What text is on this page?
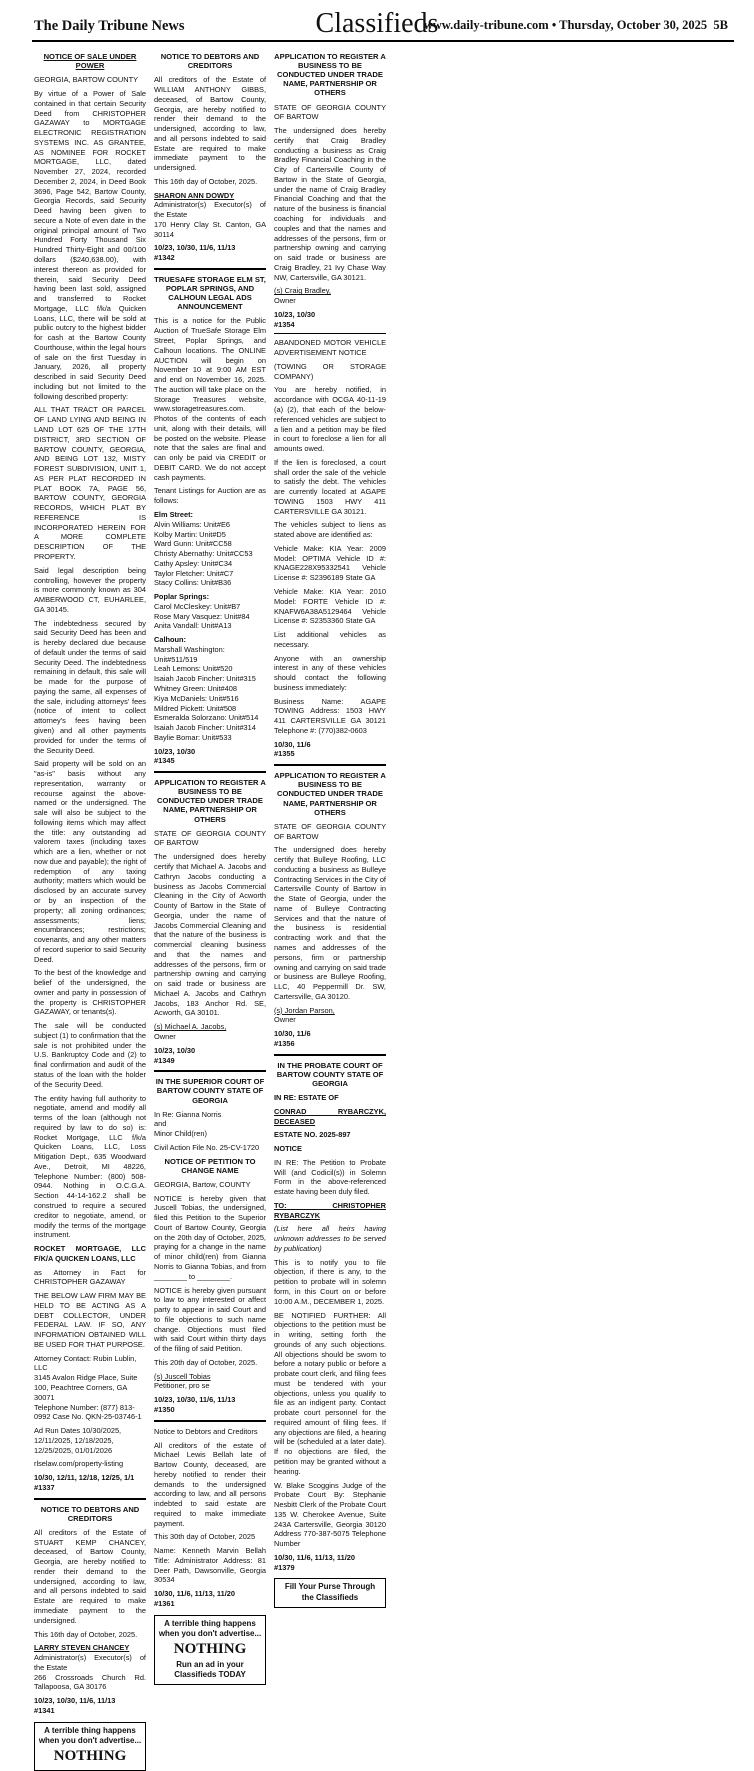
The Daily Tribune News	Classifieds
www.daily-tribune.com • Thursday, October 30, 2025 5B
NOTICE OF SALE UNDER POWER

GEORGIA, BARTOW COUNTY

By virtue of a Power of Sale contained in that certain Security Deed from CHRISTOPHER GAZAWAY to MORTGAGE ELECTRONIC REGISTRATION SYSTEMS INC. AS GRANTEE, AS NOMINEE FOR ROCKET MORTGAGE, LLC, dated November 27, 2024, recorded December 2, 2024, in Deed Book 3696, Page 542, Bartow County, Georgia Records, said Security Deed having been given to secure a Note of even date in the original principal amount of Two Hundred Forty Thousand Six Hundred Thirty-Eight and 00/100 dollars ($240,638.00), with interest thereon as provided for therein, said Security Deed having been last sold, assigned and transferred to Rocket Mortgage, LLC f/k/a Quicken Loans, LLC, there will be sold at public outcry to the highest bidder for cash at the Bartow County Courthouse, within the legal hours of sale on the first Tuesday in January, 2026, all property described in said Security Deed including but not limited to the following described property:

ALL THAT TRACT OR PARCEL OF LAND LYING AND BEING IN LAND LOT 625 OF THE 17TH DISTRICT, 3RD SECTION OF BARTOW COUNTY, GEORGIA, AND BEING LOT 132, MISTY FOREST SUBDIVISION, UNIT 1, AS PER PLAT RECORDED IN PLAT BOOK 7A, PAGE 56, BARTOW COUNTY, GEORGIA RECORDS, WHICH PLAT BY REFERENCE IS INCORPORATED HEREIN FOR A MORE COMPLETE DESCRIPTION OF THE PROPERTY.

Said legal description being controlling, however the property is more commonly known as 304 AMBERWOOD CT, EUHARLEE, GA 30145.

The indebtedness secured by said Security Deed has been and is hereby declared due because of default under the terms of said Security Deed. The indebtedness remaining in default, this sale will be made for the purpose of paying the same, all expenses of the sale, including attorneys' fees (notice of intent to collect attorney's fees having been given) and all other payments provided for under the terms of the Security Deed.

Said property will be sold on an "as-is" basis without any representation, warranty or recourse against the above-named or the undersigned. The sale will also be subject to the following items which may affect the title: any outstanding ad valorem taxes (including taxes which are a lien, whether or not now due and payable); the right of redemption of any taxing authority; matters which would be disclosed by an accurate survey or by an inspection of the property; all zoning ordinances; assessments; liens; encumbrances; restrictions; covenants, and any other matters of record superior to said Security Deed.

To the best of the knowledge and belief of the undersigned, the owner and party in possession of the property is CHRISTOPHER GAZAWAY, or tenants(s).

The sale will be conducted subject (1) to confirmation that the sale is not prohibited under the U.S. Bankruptcy Code and (2) to final confirmation and audit of the status of the loan with the holder of the Security Deed.

The entity having full authority to negotiate, amend and modify all terms of the loan (although not required by law to do so) is: Rocket Mortgage, LLC f/k/a Quicken Loans, LLC, Loss Mitigation Dept., 635 Woodward Ave., Detroit, MI 48226, Telephone Number: (800) 508-0944. Nothing in O.C.G.A. Section 44-14-162.2 shall be construed to require a secured creditor to negotiate, amend, or modify the terms of the mortgage instrument.

ROCKET MORTGAGE, LLC F/K/A QUICKEN LOANS, LLC

as Attorney in Fact for CHRISTOPHER GAZAWAY

THE BELOW LAW FIRM MAY BE HELD TO BE ACTING AS A DEBT COLLECTOR, UNDER FEDERAL LAW. IF SO, ANY INFORMATION OBTAINED WILL BE USED FOR THAT PURPOSE.

Attorney Contact: Rubin Lublin, LLC

3145 Avalon Ridge Place, Suite 100, Peachtree Corners, GA 30071

Telephone Number: (877) 813-0992 Case No. QKN-25-03746-1

Ad Run Dates 10/30/2025, 12/11/2025, 12/18/2025, 12/25/2025, 01/01/2026

rlselaw.com/property-listing

10/30, 12/11, 12/18, 12/25, 1/1

#1337

NOTICE TO DEBTORS AND CREDITORS

All creditors of the Estate of STUART KEMP CHANCEY, deceased, of Bartow County, Georgia, are hereby notified to render their demand to the undersigned, according to law, and all persons indebted to said Estate are required to make immediate payment to the undersigned.

This 16th day of October, 2025.

LARRY STEVEN CHANCEY

Administrator(s) Executor(s) of the Estate

266 Crossroads Church Rd. Tallapoosa, GA 30176

10/23, 10/30, 11/6, 11/13

#1341

A terrible thing happens when you don't advertise... NOTHING
NOTICE TO DEBTORS AND CREDITORS

All creditors of the Estate of WILLIAM ANTHONY GIBBS, deceased, of Bartow County, Georgia, are hereby notified to render their demand to the undersigned, according to law, and all persons indebted to said Estate are required to make immediate payment to the undersigned.

This 16th day of October, 2025.

SHARON ANN DOWDY

Administrator(s) Executor(s) of the Estate

170 Henry Clay St. Canton, GA 30114

10/23, 10/30, 11/6, 11/13

#1342

TRUESAFE STORAGE ELM ST, POPLAR SPRINGS, AND CALHOUN LEGAL ADS ANNOUNCEMENT

This is a notice for the Public Auction of TrueSafe Storage Elm Street, Poplar Springs, and Calhoun locations. The ONLINE AUCTION will begin on November 10 at 9:00 AM EST and end on November 16, 2025. The auction will take place on the Storage Treasures website, www.storagetreasures.com. Photos of the contents of each unit, along with their details, will be posted on the website. Please note that the sales are final and can only be paid via CREDIT or DEBIT CARD. We do not accept cash payments.

Tenant Listings for Auction are as follows:

Elm Street:

Alvin Williams: Unit#E6
Kolby Martin: Unit#D5
Ward Gunn: Unit#CC58
Christy Abernathy: Unit#CC53
Cathy Apsley: Unit#C34
Taylor Fletcher: Unit#C7
Stacy Collins: Unit#B36

Poplar Springs:

Carol McCleskey: Unit#B7
Rose Mary Vasquez: Unit#84
Anita Vandall: Unit#A13

Calhoun:

Marshall Washington: Unit#511/519
Leah Lemons: Unit#520
Isaiah Jacob Fincher: Unit#315
Whitney Green: Unit#408
Kiya McDaniels: Unit#516
Mildred Pickett: Unit#508
Esmeralda Solorzano: Unit#514
Isaiah Jacob Fincher: Unit#314
Baylie Bomar: Unit#533

10/23, 10/30

#1345

APPLICATION TO REGISTER A BUSINESS TO BE CONDUCTED UNDER TRADE NAME, PARTNERSHIP OR OTHERS

STATE OF GEORGIA COUNTY OF BARTOW

The undersigned does hereby certify that Michael A. Jacobs and Cathryn Jacobs conducting a business as Jacobs Commercial Cleaning in the City of Acworth County of Bartow in the State of Georgia, under the name of Jacobs Commercial Cleaning and that the nature of the business is commercial cleaning business and that the names and addresses of the persons, firm or partnership owning and carrying on said trade or business are Michael A. Jacobs and Cathryn Jacobs, 183 Anchor Rd. SE, Acworth, GA 30101.

(s) Michael A. Jacobs,

Owner

10/23, 10/30

#1349

IN THE SUPERIOR COURT OF BARTOW COUNTY STATE OF GEORGIA

In Re: Gianna Norris

and

Minor Child(ren)

Civil Action File No. 25-CV-1720

NOTICE OF PETITION TO CHANGE NAME

GEORGIA, Bartow, COUNTY

NOTICE is hereby given that Juscell Tobias, the undersigned, filed this Petition to the Superior Court of Bartow County, Georgia on the 20th day of October, 2025, praying for a change in the name of minor child(ren) from Gianna Norris to Gianna Tobias, and from ________ to ________.

NOTICE is hereby given pursuant to law to any interested or affect party to appear in said Court and to file objections to such name change. Objections must filed with said Court within thirty days of the filing of said Petition.

This 20th day of October, 2025.

(s) Juscell Tobias

Petitioner, pro se

10/23, 10/30, 11/6, 11/13

#1350

Notice to Debtors and Creditors

All creditors of the estate of Michael Lewis Bellah late of Bartow County, deceased, are hereby notified to render their demands to the undersigned according to law, and all persons indebted to said estate are required to make immediate payment.

This 30th day of October, 2025

Name: Kenneth Marvin Bellah Title: Administrator Address: 81 Deer Path, Dawsonville, Georgia 30534

10/30, 11/6, 11/13, 11/20

#1361

A terrible thing happens when you don't advertise... NOTHING
Run an ad in your Classifieds TODAY
APPLICATION TO REGISTER A BUSINESS TO BE CONDUCTED UNDER TRADE NAME, PARTNERSHIP OR OTHERS

STATE OF GEORGIA COUNTY OF BARTOW

The undersigned does hereby certify that Craig Bradley conducting a business as Craig Bradley Financial Coaching in the City of Cartersville County of Bartow in the State of Georgia, under the name of Craig Bradley Financial Coaching and that the nature of the business is financial coaching for individuals and couples and that the names and addresses of the persons, firm or partnership owning and carrying on said trade or business are Craig Bradley, 21 Ivy Chase Way NW, Cartersville, GA 30121.

(s) Craig Bradley,

Owner

10/23, 10/30

#1354

ABANDONED MOTOR VEHICLE ADVERTISEMENT NOTICE

(TOWING OR STORAGE COMPANY)

You are hereby notified, in accordance with OCGA 40-11-19 (a) (2), that each of the below-referenced vehicles are subject to a lien and a petition may be filed in court to foreclose a lien for all amounts owed.

If the lien is foreclosed, a court shall order the sale of the vehicle to satisfy the debt. The vehicles are currently located at AGAPE TOWING 1503 HWY 411 CARTERSVILLE GA 30121.

The vehicles subject to liens as stated above are identified as:

Vehicle Make: KIA Year: 2009 Model: OPTIMA Vehicle ID #: KNAGE228X95332541 Vehicle License #: S2396189 State GA

Vehicle Make: KIA Year: 2010 Model: FORTE Vehicle ID #: KNAFW6A38A5129464 Vehicle License #: S2353360 State GA

List additional vehicles as necessary.

Anyone with an ownership interest in any of these vehicles should contact the following business immediately:

Business Name: AGAPE TOWING Address: 1503 HWY 411 CARTERSVILLE GA 30121 Telephone #: (770)382-0603

10/30, 11/6

#1355

APPLICATION TO REGISTER A BUSINESS TO BE CONDUCTED UNDER TRADE NAME, PARTNERSHIP OR OTHERS

STATE OF GEORGIA COUNTY OF BARTOW

The undersigned does hereby certify that Bulleye Roofing, LLC conducting a business as Bulleye Contracting Services in the City of Cartersville County of Bartow in the State of Georgia, under the name of Bulleye Contracting Services and that the nature of the business is residential contracting work and that the names and addresses of the persons, firm or partnership owning and carrying on said trade or business are Bulleye Roofing, LLC, 40 Peppermill Dr. SW, Cartersville, GA 30120.

(s) Jordan Parson,

Owner

10/30, 11/6

#1356

IN THE PROBATE COURT OF BARTOW COUNTY STATE OF GEORGIA

IN RE: ESTATE OF

CONRAD RYBARCZYK, DECEASED

ESTATE NO. 2025-897

NOTICE

IN RE: The Petition to Probate Will (and Codicil(s)) in Solemn Form in the above-referenced estate having been duly filed.

TO: CHRISTOPHER RYBARCZYK

(List here all heirs having unknown addresses to be served by publication)

This is to notify you to file objection, if there is any, to the petition to probate will in solemn form, in this Court on or before 10:00 A.M., DECEMBER 1, 2025.

BE NOTIFIED FURTHER: All objections to the petition must be in writing, setting forth the grounds of any such objections. All objections should be sworn to before a notary public or before a probate court clerk, and filing fees must be tendered with your objections, unless you qualify to file as an indigent party. Contact probate court personnel for the required amount of filing fees. If any objections are filed, a hearing will be (scheduled at a later date). If no objections are filed, the petition may be granted without a hearing.

W. Blake Scoggins Judge of the Probate Court By: Stephanie Nesbitt Clerk of the Probate Court 135 W. Cherokee Avenue, Suite 243A Cartersville, Georgia 30120 Address 770-387-5075 Telephone Number

10/30, 11/6, 11/13, 11/20

#1379

Fill Your Purse Through the Classifieds
